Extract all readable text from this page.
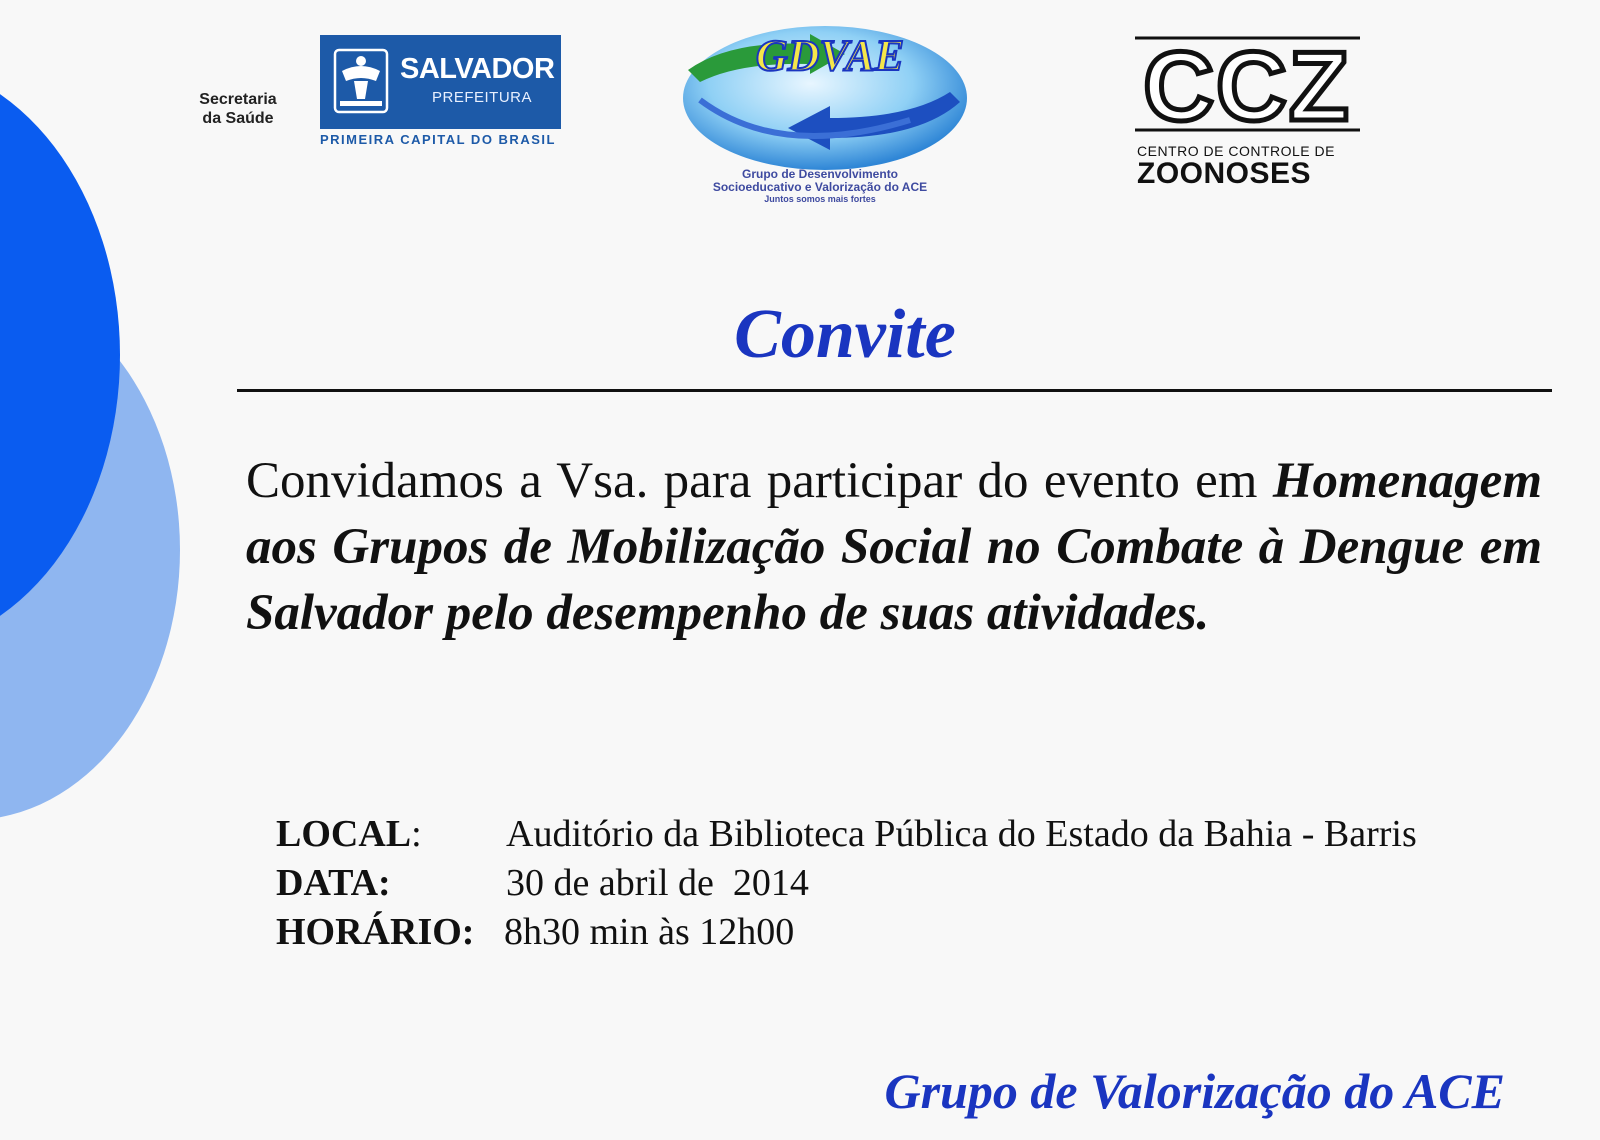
Secretaria
da Saúde
SALVADOR
PREFEITURA
PRIMEIRA CAPITAL DO BRASIL
GDVAE
Grupo de Desenvolvimento
Socioeducativo e Valorização do ACE
Juntos somos mais fortes
CCZ
CENTRO DE CONTROLE DE
ZOONOSES
Convite
Convidamos a Vsa. para participar do evento em Homenagem aos Grupos de Mobilização Social no Combate à Dengue em Salvador pelo desempenho de suas atividades.
LOCAL: Auditório da Biblioteca Pública do Estado da Bahia - Barris
DATA:	30 de abril de  2014
HORÁRIO: 8h30 min às 12h00
Grupo de Valorização do ACE
